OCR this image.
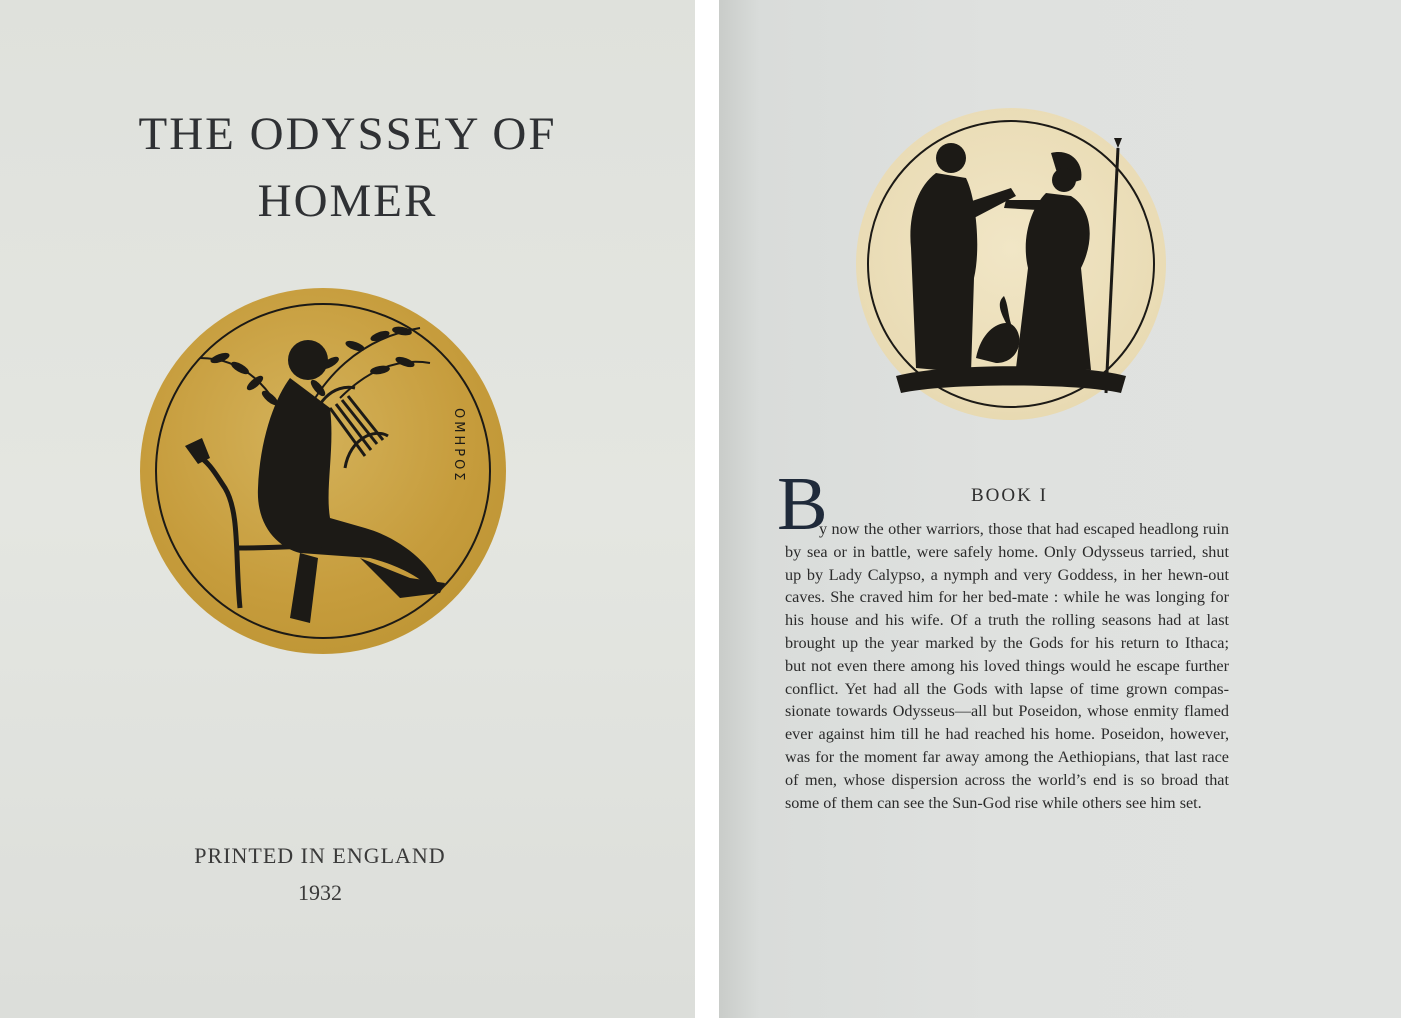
THE ODYSSEY OF
HOMER
ΟΜΗΡΟΣ
PRINTED IN ENGLAND
1932
BOOK I
B
y now the other warriors, those that had escaped headlong ruin
by sea or in battle, were safely home. Only Odysseus tarried, shut
up by Lady Calypso, a nymph and very Goddess, in her hewn-out
caves. She craved him for her bed-mate : while he was longing for
his house and his wife. Of a truth the rolling seasons had at last
brought up the year marked by the Gods for his return to Ithaca;
but not even there among his loved things would he escape further
conflict. Yet had all the Gods with lapse of time grown compas-
sionate towards Odysseus—all but Poseidon, whose enmity flamed
ever against him till he had reached his home. Poseidon, however,
was for the moment far away among the Aethiopians, that last race
of men, whose dispersion across the world’s end is so broad that
some of them can see the Sun-God rise while others see him set.
